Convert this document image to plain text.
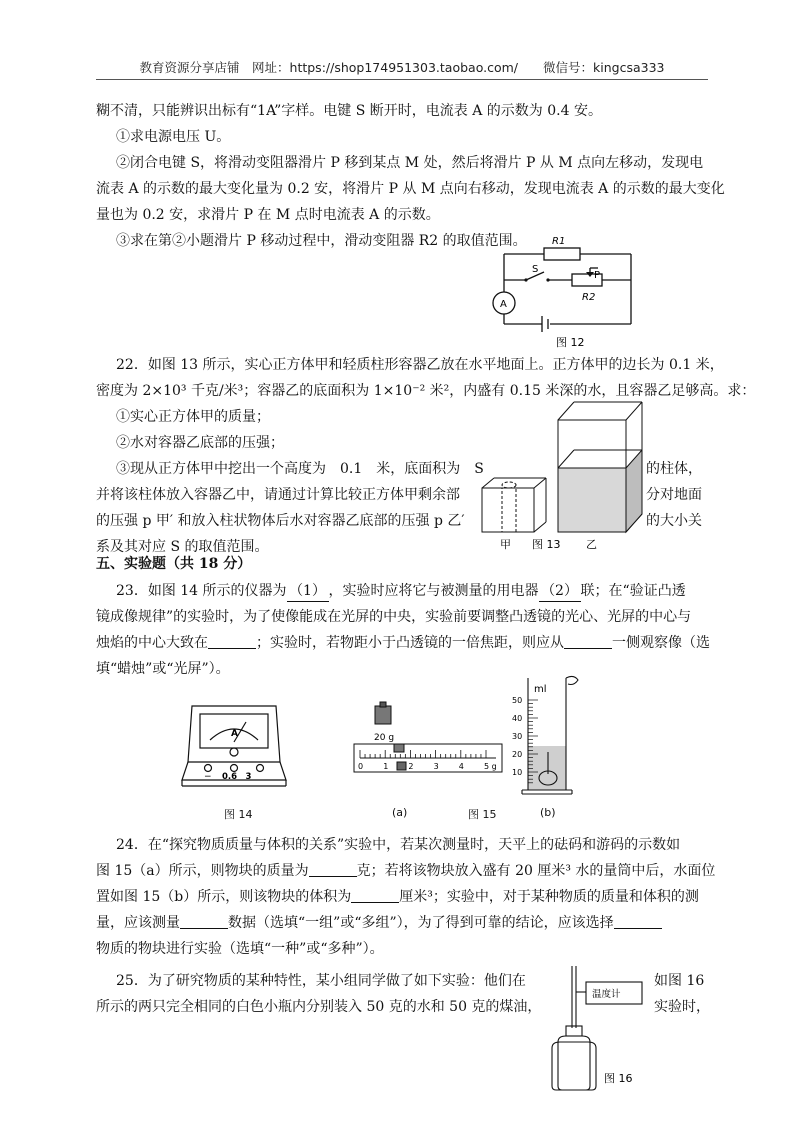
教育资源分享店铺　网址：https://shop174951303.taobao.com/　　微信号：kingcsa333
糊不清，只能辨识出标有“1A”字样。电键 S 断开时，电流表 A 的示数为 0.4 安。
①求电源电压 U。
②闭合电键 S，将滑动变阻器滑片 P 移到某点 M 处，然后将滑片 P 从 M 点向左移动，发现电
流表 A 的示数的最大变化量为 0.2 安，将滑片 P 从 M 点向右移动，发现电流表 A 的示数的最大变化
量也为 0.2 安，求滑片 P 在 M 点时电流表 A 的示数。
③求在第②小题滑片 P 移动过程中，滑动变阻器 R2 的取值范围。	R1
R2
S
P
A
图 12
22．如图 13 所示，实心正方体甲和轻质柱形容器乙放在水平地面上。正方体甲的边长为 0.1 米，
密度为 2×10³ 千克/米³；容器乙的底面积为 1×10⁻² 米²，内盛有 0.15 米深的水，且容器乙足够高。求：
①实心正方体甲的质量；
②水对容器乙底部的压强；
③现从正方体甲中挖出一个高度为　0.1　米，底面积为　S	的柱体，
并将该柱体放入容器乙中，请通过计算比较正方体甲剩余部	分对地面
的压强 p 甲′ 和放入柱状物体后水对容器乙底部的压强 p 乙′	的大小关
系及其对应 S 的取值范围。	甲 图 13 乙
五、实验题（共 18 分）
23．如图 14 所示的仪器为 （1） ，实验时应将它与被测量的用电器 （2） 联；在“验证凸透
镜成像规律”的实验时，为了使像能成在光屏的中央，实验前要调整凸透镜的光心、光屏的中心与
烛焰的中心大致在	；实验时，若物距小于凸透镜的一倍焦距，则应从	一侧观察像（选
填“蜡烛”或“光屏”）。
A
− 0.6　3
图 14
20 g
0	1	2	3	4	5 g
(a)	图 15
50
40
30
20
10
ml
(b)
24．在“探究物质质量与体积的关系”实验中，若某次测量时，天平上的砝码和游码的示数如
图 15（a）所示，则物块的质量为	克；若将该物块放入盛有 20 厘米³ 水的量筒中后，水面位
置如图 15（b）所示，则该物块的体积为	厘米³；实验中，对于某种物质的质量和体积的测
量，应该测量	数据（选填“一组”或“多组”），为了得到可靠的结论，应该选择
物质的物块进行实验（选填“一种”或“多种”）。
25．为了研究物质的某种特性，某小组同学做了如下实验：他们在	如图 16
所示的两只完全相同的白色小瓶内分别装入 50 克的水和 50 克的煤油，	实验时，
温度计
图 16
